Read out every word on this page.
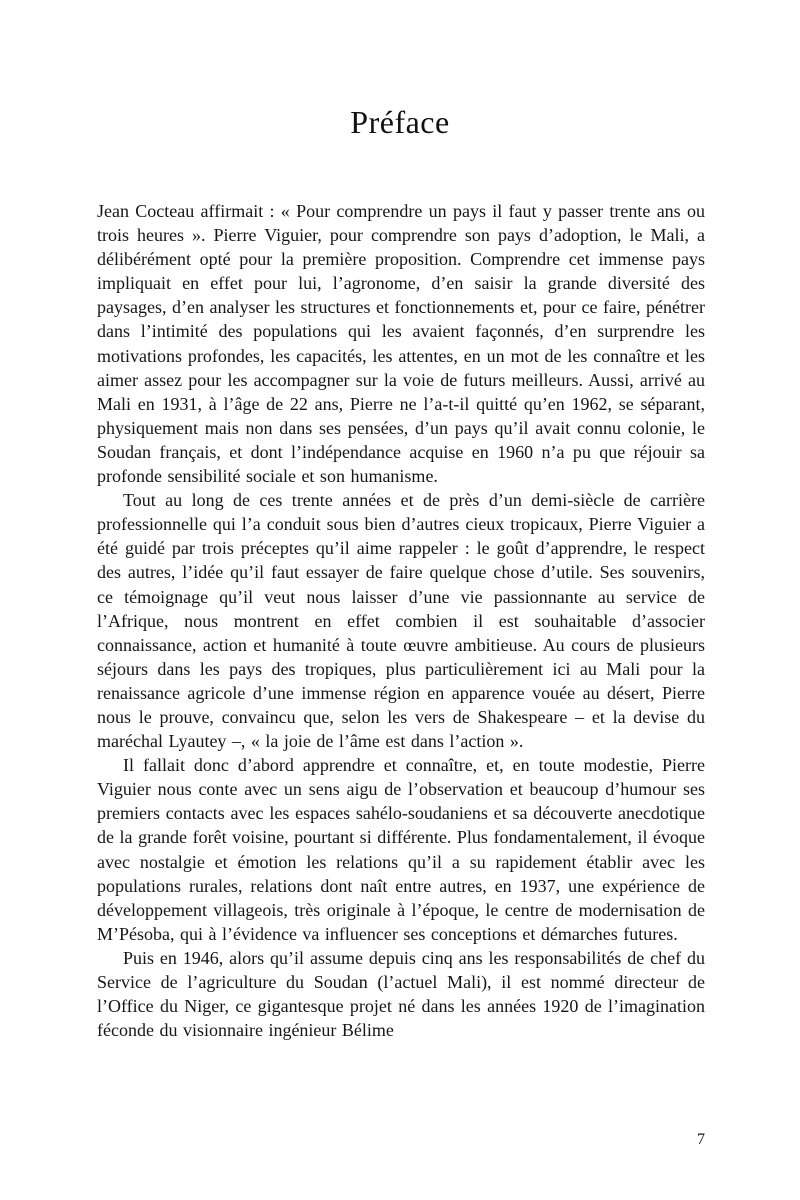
Préface

Jean Cocteau affirmait : « Pour comprendre un pays il faut y passer trente ans ou trois heures ». Pierre Viguier, pour comprendre son pays d’adoption, le Mali, a délibérément opté pour la première proposition. Comprendre cet immense pays impliquait en effet pour lui, l’agronome, d’en saisir la grande diversité des paysages, d’en analyser les structures et fonctionnements et, pour ce faire, pénétrer dans l’intimité des populations qui les avaient façonnés, d’en surprendre les motivations profondes, les capacités, les attentes, en un mot de les connaître et les aimer assez pour les accompagner sur la voie de futurs meilleurs. Aussi, arrivé au Mali en 1931, à l’âge de 22 ans, Pierre ne l’a-t-il quitté qu’en 1962, se séparant, physiquement mais non dans ses pensées, d’un pays qu’il avait connu colonie, le Soudan français, et dont l’indépendance acquise en 1960 n’a pu que réjouir sa profonde sensibilité sociale et son humanisme.

Tout au long de ces trente années et de près d’un demi-siècle de carrière professionnelle qui l’a conduit sous bien d’autres cieux tropicaux, Pierre Viguier a été guidé par trois préceptes qu’il aime rappeler : le goût d’apprendre, le respect des autres, l’idée qu’il faut essayer de faire quelque chose d’utile. Ses souvenirs, ce témoignage qu’il veut nous laisser d’une vie passionnante au service de l’Afrique, nous montrent en effet combien il est souhaitable d’associer connaissance, action et humanité à toute œuvre ambitieuse. Au cours de plusieurs séjours dans les pays des tropiques, plus particulièrement ici au Mali pour la renaissance agricole d’une immense région en apparence vouée au désert, Pierre nous le prouve, convaincu que, selon les vers de Shakespeare – et la devise du maréchal Lyautey –, « la joie de l’âme est dans l’action ».

Il fallait donc d’abord apprendre et connaître, et, en toute modestie, Pierre Viguier nous conte avec un sens aigu de l’observation et beaucoup d’humour ses premiers contacts avec les espaces sahélo-soudaniens et sa découverte anecdotique de la grande forêt voisine, pourtant si différente. Plus fondamentalement, il évoque avec nostalgie et émotion les relations qu’il a su rapidement établir avec les populations rurales, relations dont naît entre autres, en 1937, une expérience de développement villageois, très originale à l’époque, le centre de modernisation de M’Pésoba, qui à l’évidence va influencer ses conceptions et démarches futures.

Puis en 1946, alors qu’il assume depuis cinq ans les responsabilités de chef du Service de l’agriculture du Soudan (l’actuel Mali), il est nommé directeur de l’Office du Niger, ce gigantesque projet né dans les années 1920 de l’imagination féconde du visionnaire ingénieur Bélime

7
